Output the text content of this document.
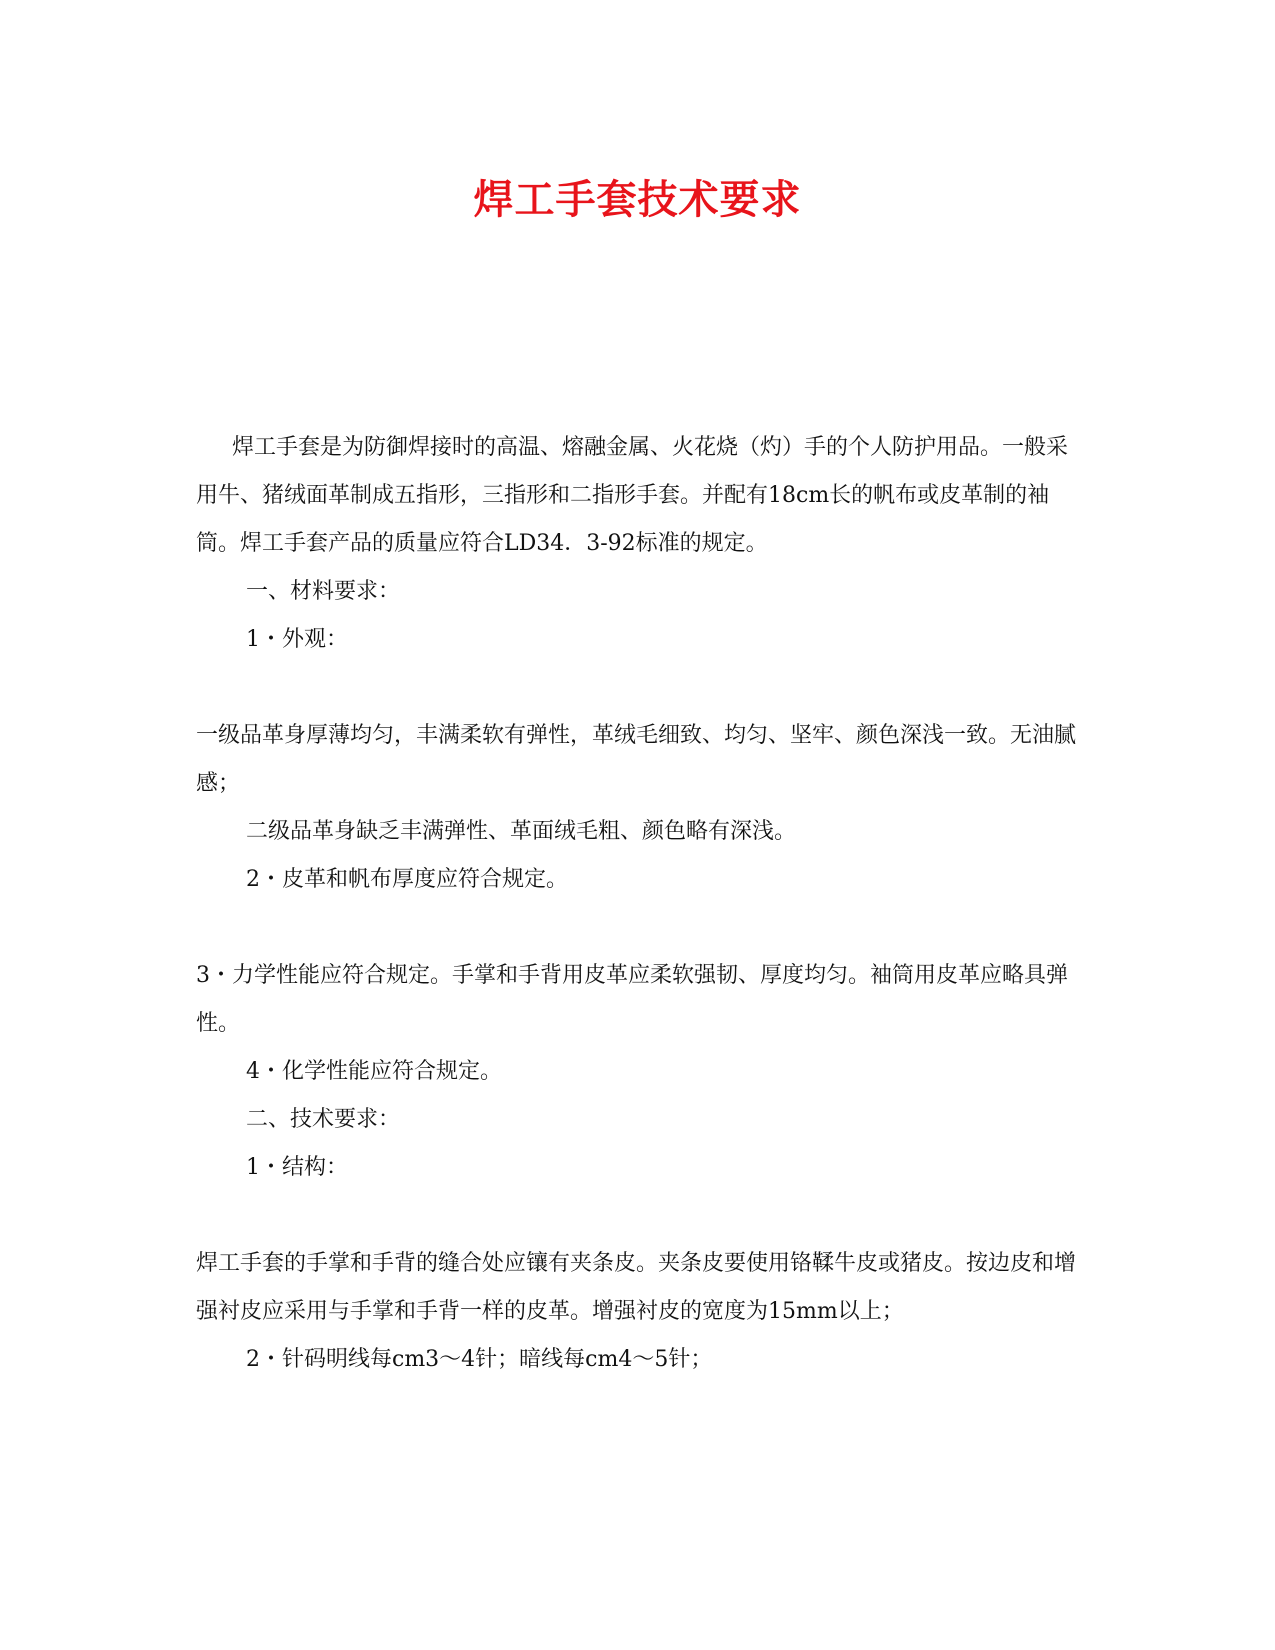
焊工手套技术要求

焊工手套是为防御焊接时的高温、熔融金属、火花烧（灼）手的个人防护用品。一般采用牛、猪绒面革制成五指形，三指形和二指形手套。并配有18cm长的帆布或皮革制的袖筒。焊工手套产品的质量应符合LD34．3-92标准的规定。

一、材料要求：

1・外观：

一级品革身厚薄均匀，丰满柔软有弹性，革绒毛细致、均匀、坚牢、颜色深浅一致。无油腻感；

二级品革身缺乏丰满弹性、革面绒毛粗、颜色略有深浅。

2・皮革和帆布厚度应符合规定。

3・力学性能应符合规定。手掌和手背用皮革应柔软强韧、厚度均匀。袖筒用皮革应略具弹性。

4・化学性能应符合规定。

二、技术要求：

1・结构：

焊工手套的手掌和手背的缝合处应镶有夹条皮。夹条皮要使用铬鞣牛皮或猪皮。按边皮和增强衬皮应采用与手掌和手背一样的皮革。增强衬皮的宽度为15mm以上；

2・针码明线每cm3～4针；暗线每cm4～5针；
